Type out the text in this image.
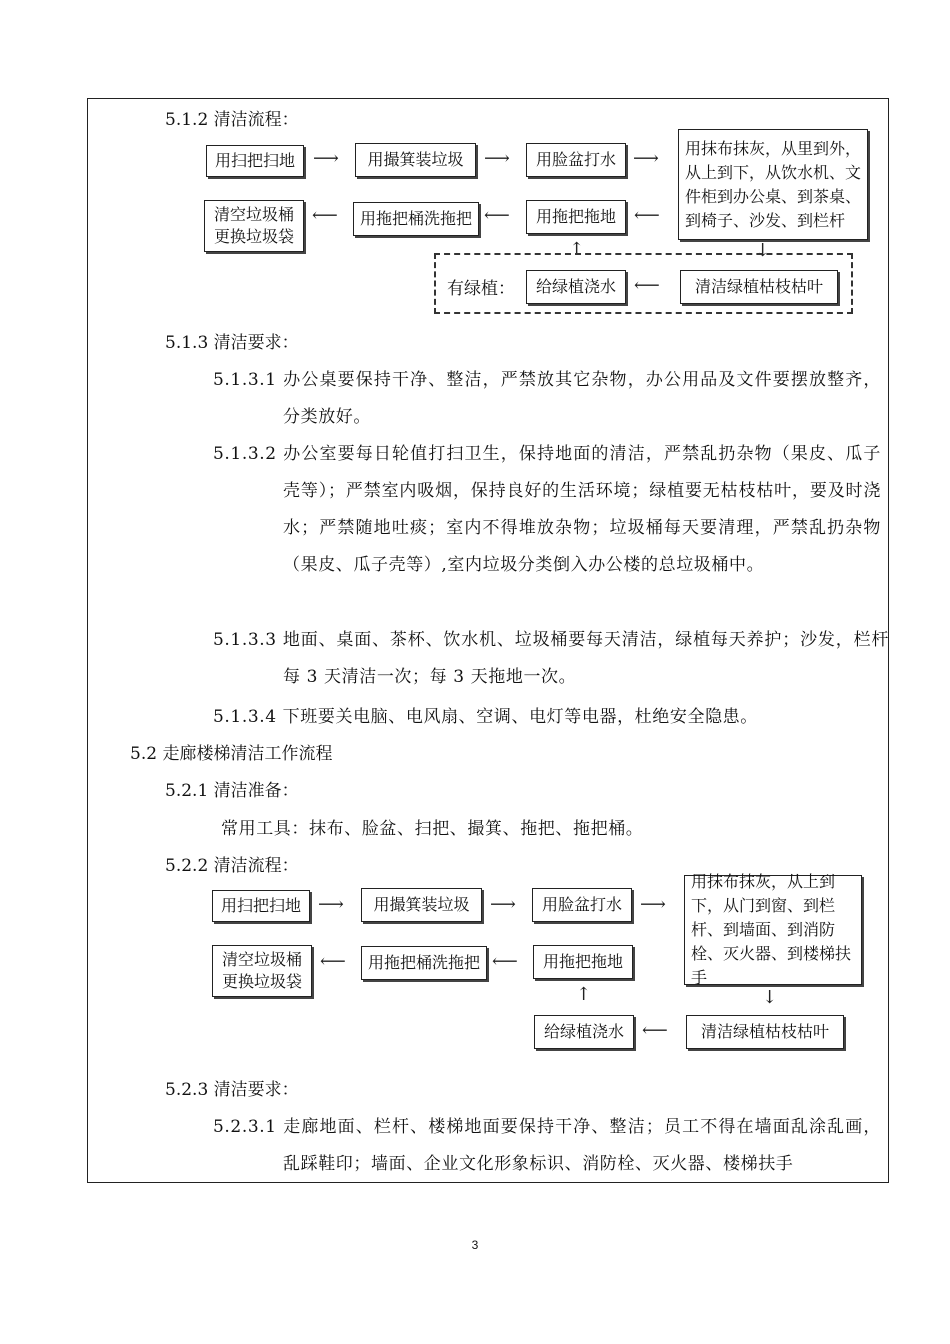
5.1.2 清洁流程：
用扫把扫地	⟶	用撮箕装垃圾	⟶	用脸盆打水 ⟶	用抹布抹灰，从里到外，从上到下，从饮水机、文件柜到办公桌、到茶桌、到椅子、沙发、到栏杆
清空垃圾桶更换垃圾袋
⟵	用拖把桶洗拖把 ⟵	用拖把拖地	⟵
↑	↓
有绿植：	给绿植浇水	⟵	清洁绿植枯枝枯叶
5.1.3 清洁要求：
5.1.3.1 办公桌要保持干净、整洁，严禁放其它杂物，办公用品及文件要摆放整齐，分类放好。
5.1.3.2 办公室要每日轮值打扫卫生，保持地面的清洁，严禁乱扔杂物（果皮、瓜子壳等）；严禁室内吸烟，保持良好的生活环境；绿植要无枯枝枯叶，要及时浇水；严禁随地吐痰；室内不得堆放杂物；垃圾桶每天要清理，严禁乱扔杂物（果皮、瓜子壳等）,室内垃圾分类倒入办公楼的总垃圾桶中。
5.1.3.3 地面、桌面、茶杯、饮水机、垃圾桶要每天清洁，绿植每天养护；沙发，栏杆每 3 天清洁一次；每 3 天拖地一次。
5.1.3.4 下班要关电脑、电风扇、空调、电灯等电器，杜绝安全隐患。
5.2 走廊楼梯清洁工作流程
5.2.1 清洁准备：
常用工具：抹布、脸盆、扫把、撮箕、拖把、拖把桶。
5.2.2 清洁流程：
用扫把扫地 ⟶	用撮箕装垃圾	⟶	用脸盆打水	⟶
用抹布抹灰，从上到下，从门到窗、到栏杆、到墙面、到消防栓、灭火器、到楼梯扶手
清空垃圾桶更换垃圾袋
⟵	用拖把桶洗拖把 ⟵	用拖把拖地
↑	↓
给绿植浇水	⟵	清洁绿植枯枝枯叶
5.2.3 清洁要求：
5.2.3.1 走廊地面、栏杆、楼梯地面要保持干净、整洁；员工不得在墙面乱涂乱画，乱踩鞋印；墙面、企业文化形象标识、消防栓、灭火器、楼梯扶手
3
